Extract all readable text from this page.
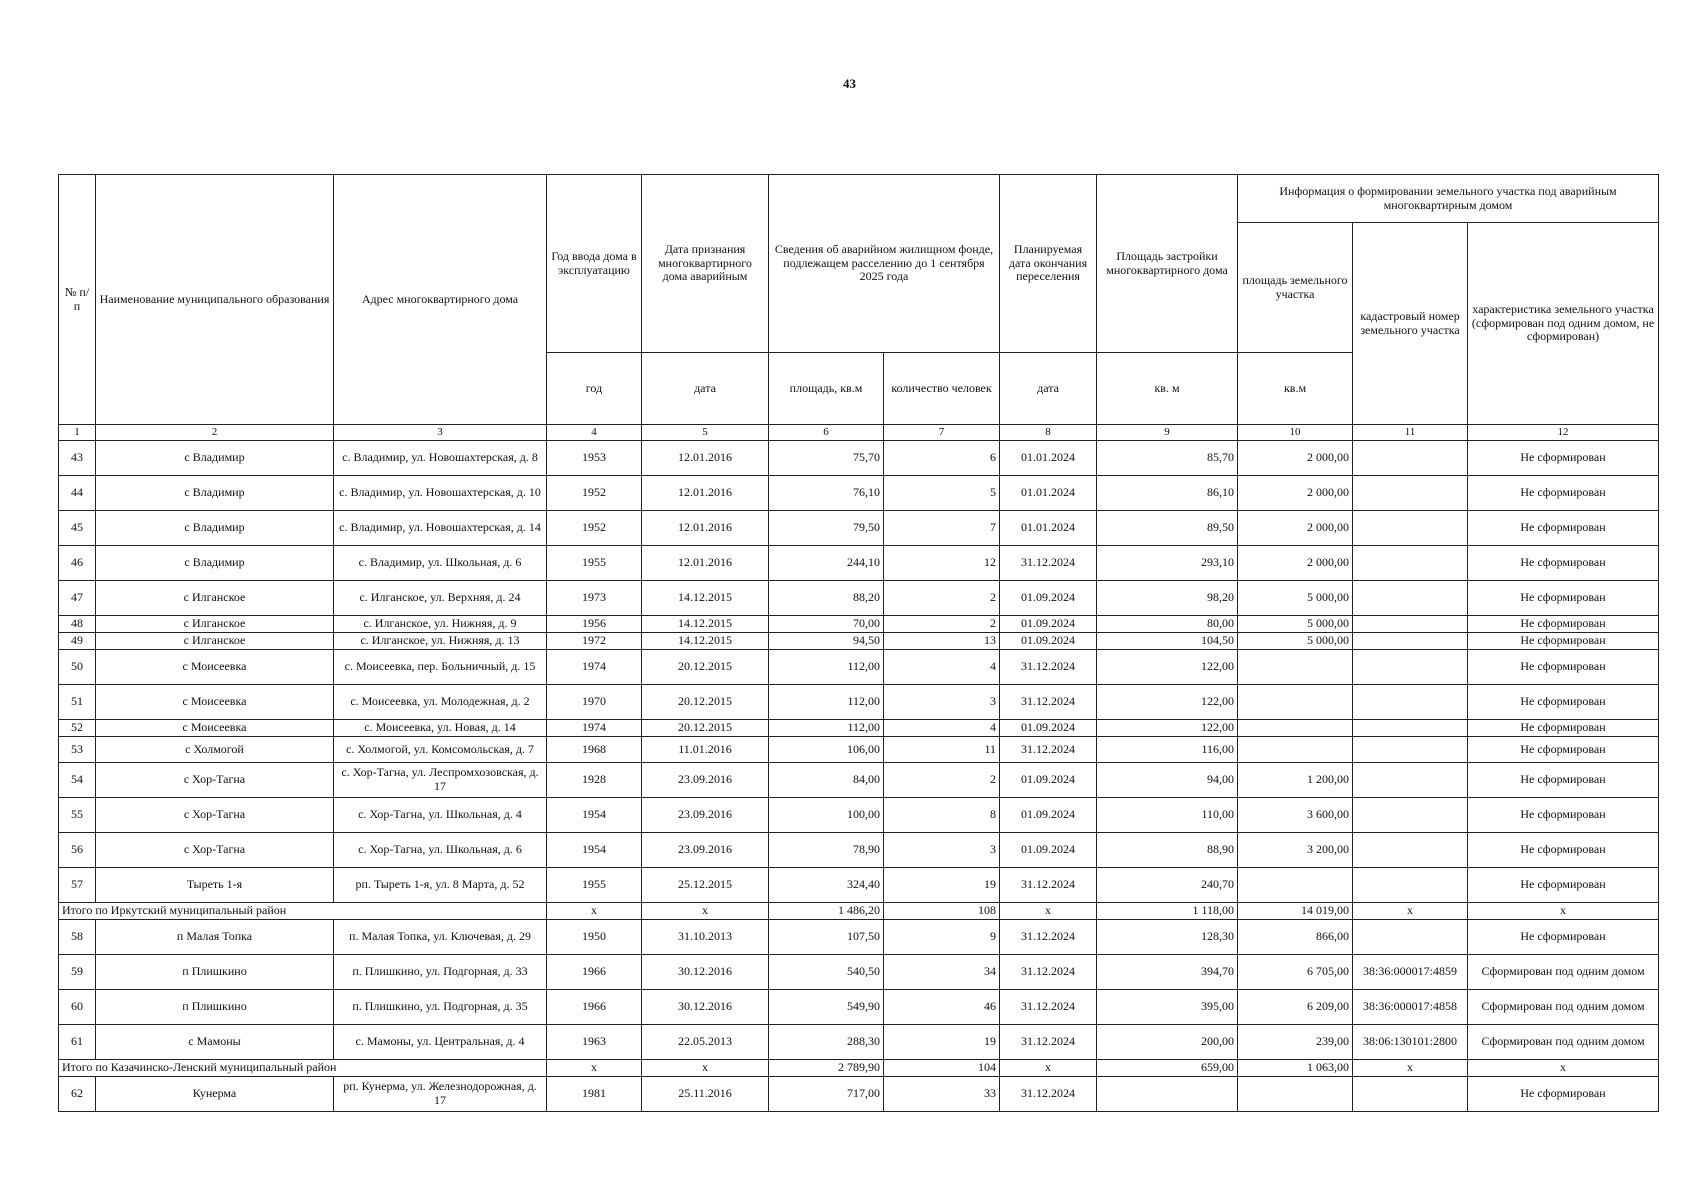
43
№ п/п	Наименование муниципального образования	Адрес многоквартирного дома	Год ввода дома в эксплуатацию	Дата признания многоквартирного дома аварийным	Сведения об аварийном жилищном фонде, подлежащем расселению до 1 сентября 2025 года		Планируемая дата окончания переселения	Площадь застройки многоквартирного дома	Информация о формировании земельного участка под аварийным многоквартирным домом		
									площадь земельного участка	кадастровый номер земельного участка	характеристика земельного участка (сформирован под одним домом, не сформирован)
			год	дата	площадь, кв.м	количество человек	дата	кв. м	кв.м		
1	2	3	4	5	6	7	8	9	10	11	12
43	с Владимир	с. Владимир, ул. Новошахтерская, д. 8	1953	12.01.2016	75,70	6	01.01.2024	85,70	2 000,00		Не сформирован
44	с Владимир	с. Владимир, ул. Новошахтерская, д. 10	1952	12.01.2016	76,10	5	01.01.2024	86,10	2 000,00		Не сформирован
45	с Владимир	с. Владимир, ул. Новошахтерская, д. 14	1952	12.01.2016	79,50	7	01.01.2024	89,50	2 000,00		Не сформирован
46	с Владимир	с. Владимир, ул. Школьная, д. 6	1955	12.01.2016	244,10	12	31.12.2024	293,10	2 000,00		Не сформирован
47	с Илганское	с. Илганское, ул. Верхняя, д. 24	1973	14.12.2015	88,20	2	01.09.2024	98,20	5 000,00		Не сформирован
48	с Илганское	с. Илганское, ул. Нижняя, д. 9	1956	14.12.2015	70,00	2	01.09.2024	80,00	5 000,00		Не сформирован
49	с Илганское	с. Илганское, ул. Нижняя, д. 13	1972	14.12.2015	94,50	13	01.09.2024	104,50	5 000,00		Не сформирован
50	с Моисеевка	с. Моисеевка, пер. Больничный, д. 15	1974	20.12.2015	112,00	4	31.12.2024	122,00			Не сформирован
51	с Моисеевка	с. Моисеевка, ул. Молодежная, д. 2	1970	20.12.2015	112,00	3	31.12.2024	122,00			Не сформирован
52	с Моисеевка	с. Моисеевка, ул. Новая, д. 14	1974	20.12.2015	112,00	4	01.09.2024	122,00			Не сформирован
53	с Холмогой	с. Холмогой, ул. Комсомольская, д. 7	1968	11.01.2016	106,00	11	31.12.2024	116,00			Не сформирован
54	с Хор-Тагна	с. Хор-Тагна, ул. Леспромхозовская, д. 17	1928	23.09.2016	84,00	2	01.09.2024	94,00	1 200,00		Не сформирован
55	с Хор-Тагна	с. Хор-Тагна, ул. Школьная, д. 4	1954	23.09.2016	100,00	8	01.09.2024	110,00	3 600,00		Не сформирован
56	с Хор-Тагна	с. Хор-Тагна, ул. Школьная, д. 6	1954	23.09.2016	78,90	3	01.09.2024	88,90	3 200,00		Не сформирован
57	Тыреть 1-я	рп. Тыреть 1-я, ул. 8 Марта, д. 52	1955	25.12.2015	324,40	19	31.12.2024	240,70			Не сформирован
Итого по Иркутский муниципальный район			x	x	1 486,20	108	x	1 118,00	14 019,00	x	x
58	п Малая Топка	п. Малая Топка, ул. Ключевая, д. 29	1950	31.10.2013	107,50	9	31.12.2024	128,30	866,00		Не сформирован
59	п Плишкино	п. Плишкино, ул. Подгорная, д. 33	1966	30.12.2016	540,50	34	31.12.2024	394,70	6 705,00	38:36:000017:4859	Сформирован под одним домом
60	п Плишкино	п. Плишкино, ул. Подгорная, д. 35	1966	30.12.2016	549,90	46	31.12.2024	395,00	6 209,00	38:36:000017:4858	Сформирован под одним домом
61	с Мамоны	с. Мамоны, ул. Центральная, д. 4	1963	22.05.2013	288,30	19	31.12.2024	200,00	239,00	38:06:130101:2800	Сформирован под одним домом
Итого по Казачинско-Ленский муниципальный район			x	x	2 789,90	104	x	659,00	1 063,00	x	x
62	Кунерма	рп. Кунерма, ул. Железнодорожная, д. 17	1981	25.11.2016	717,00	33	31.12.2024				Не сформирован
